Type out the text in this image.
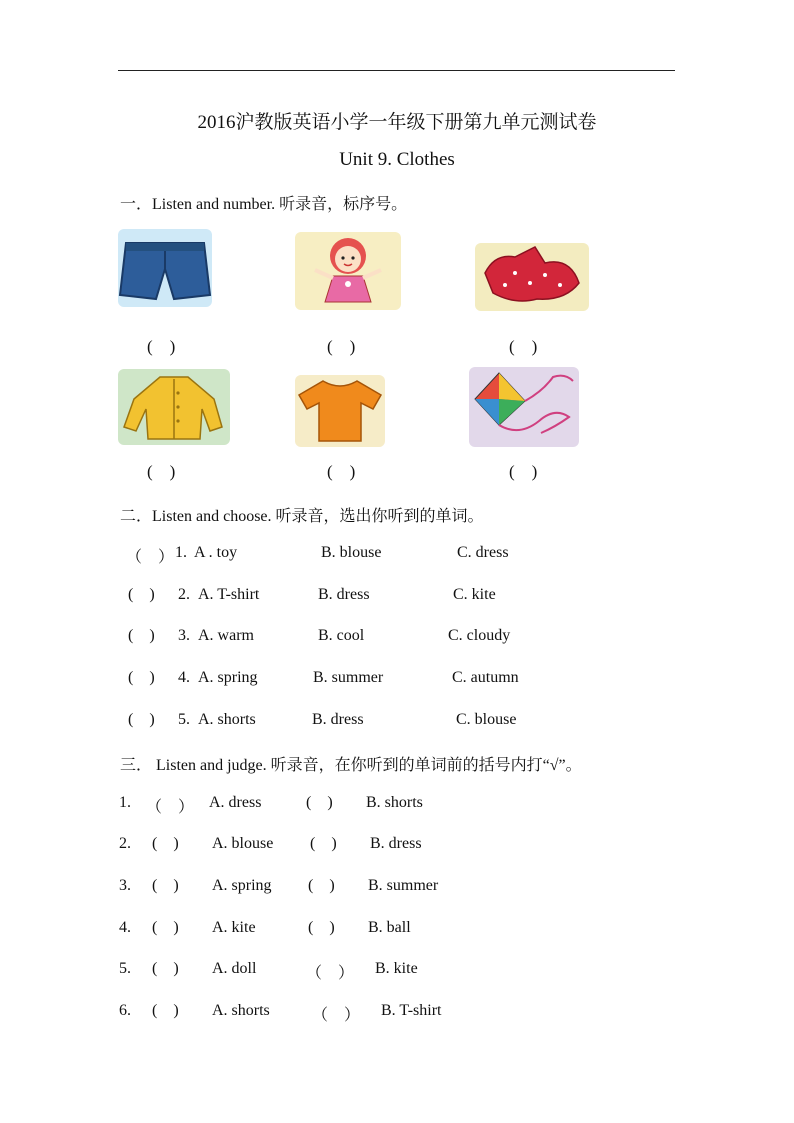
2016沪教版英语小学一年级下册第九单元测试卷
Unit 9. Clothes
一．Listen and number. 听录音，标序号。
(    )	(    )	(    )
(    )	(    )	(    )
二．Listen and choose. 听录音，选出你听到的单词。
（    ） 1. A . toy	B. blouse	C. dress
(    ) 2. A. T-shirt	B. dress	C. kite
(    ) 3. A. warm	B. cool	C. cloudy
(    ) 4. A. spring	B. summer	C. autumn
(    ) 5. A. shorts	B. dress	C. blouse
三． Listen and judge. 听录音，在你听到的单词前的括号内打“√”。
1. （    ） A. dress	(    ) B. shorts
2. (    ) A. blouse (    ) B. dress
3. (    ) A. spring (    ) B. summer
4. (    ) A. kite	(    ) B. ball
5. (    ) A. doll	（    ） B. kite
6. (    ) A. shorts	（    ） B. T-shirt
